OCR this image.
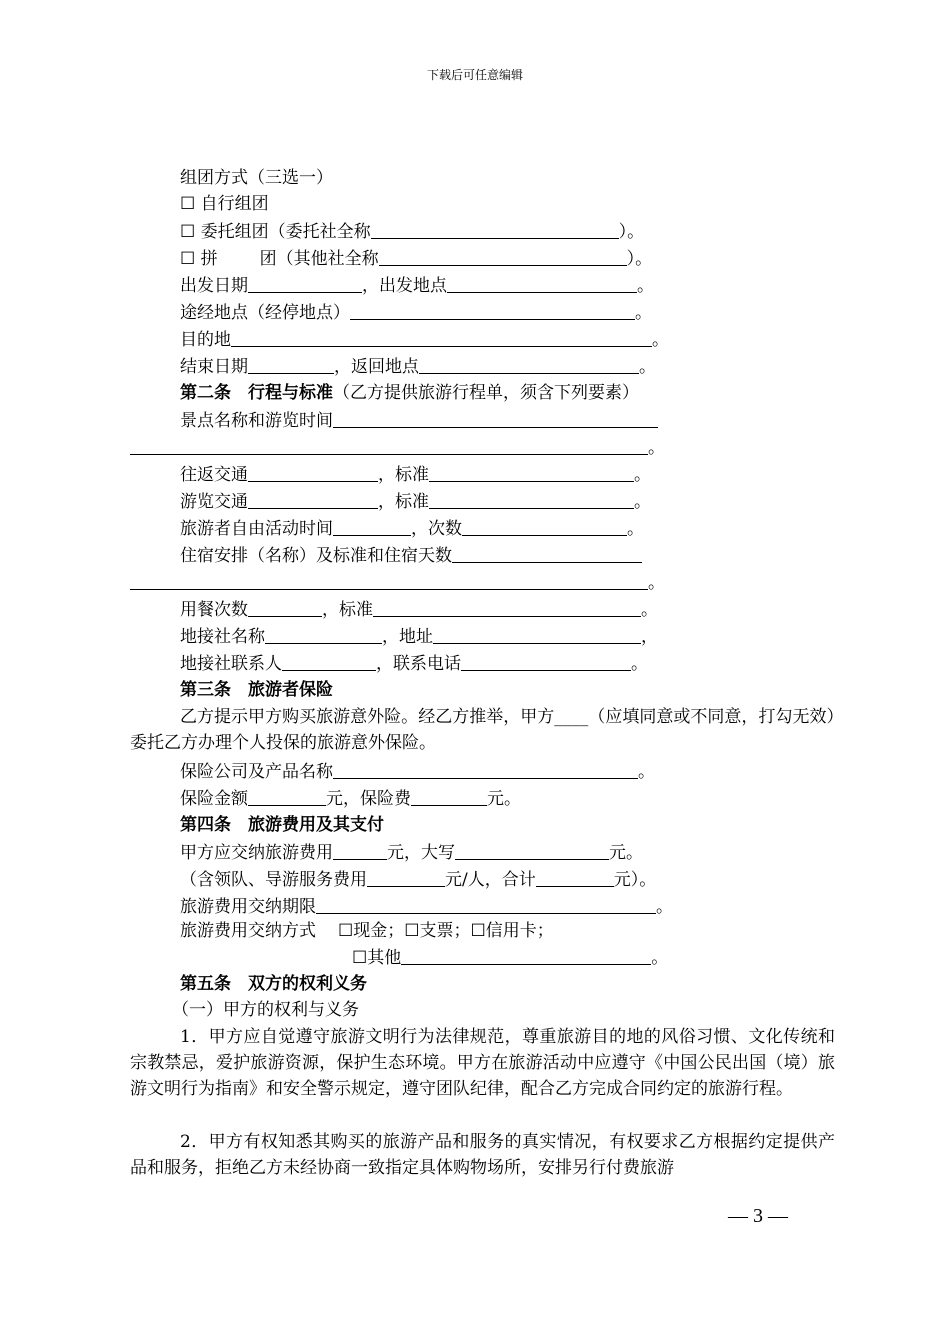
下载后可任意编辑
组团方式（三选一）
☐ 自行组团
☐ 委托组团（委托社全称	）。
☐ 拼 团（其他社全称	）。
出发日期	，出发地点	。
途经地点（经停地点）	。
目的地	。
结束日期	，返回地点	。
第二条　行程与标准（乙方提供旅游行程单，须含下列要素）
景点名称和游览时间
。
往返交通	，标准	。
游览交通	，标准	。
旅游者自由活动时间	，次数	。
住宿安排（名称）及标准和住宿天数
。
用餐次数	，标准	。
地接社名称	，地址	，
地接社联系人	，联系电话	。
第三条　旅游者保险
乙方提示甲方购买旅游意外险。经乙方推举，甲方____（应填同意或不同意，打勾无效）委托乙方办理个人投保的旅游意外保险。
保险公司及产品名称	。
保险金额	元，保险费	元。
第四条　旅游费用及其支付
甲方应交纳旅游费用	元，大写	元。
（含领队、导游服务费用	元/人，合计	元）。
旅游费用交纳期限	。
旅游费用交纳方式 ☐现金；☐支票；☐信用卡；
☐其他	。
第五条　双方的权利义务
（一）甲方的权利与义务
1．甲方应自觉遵守旅游文明行为法律规范，尊重旅游目的地的风俗习惯、文化传统和宗教禁忌，爱护旅游资源，保护生态环境。甲方在旅游活动中应遵守《中国公民出国（境）旅游文明行为指南》和安全警示规定，遵守团队纪律，配合乙方完成合同约定的旅游行程。
2．甲方有权知悉其购买的旅游产品和服务的真实情况，有权要求乙方根据约定提供产品和服务，拒绝乙方未经协商一致指定具体购物场所，安排另行付费旅游
— 3 —
